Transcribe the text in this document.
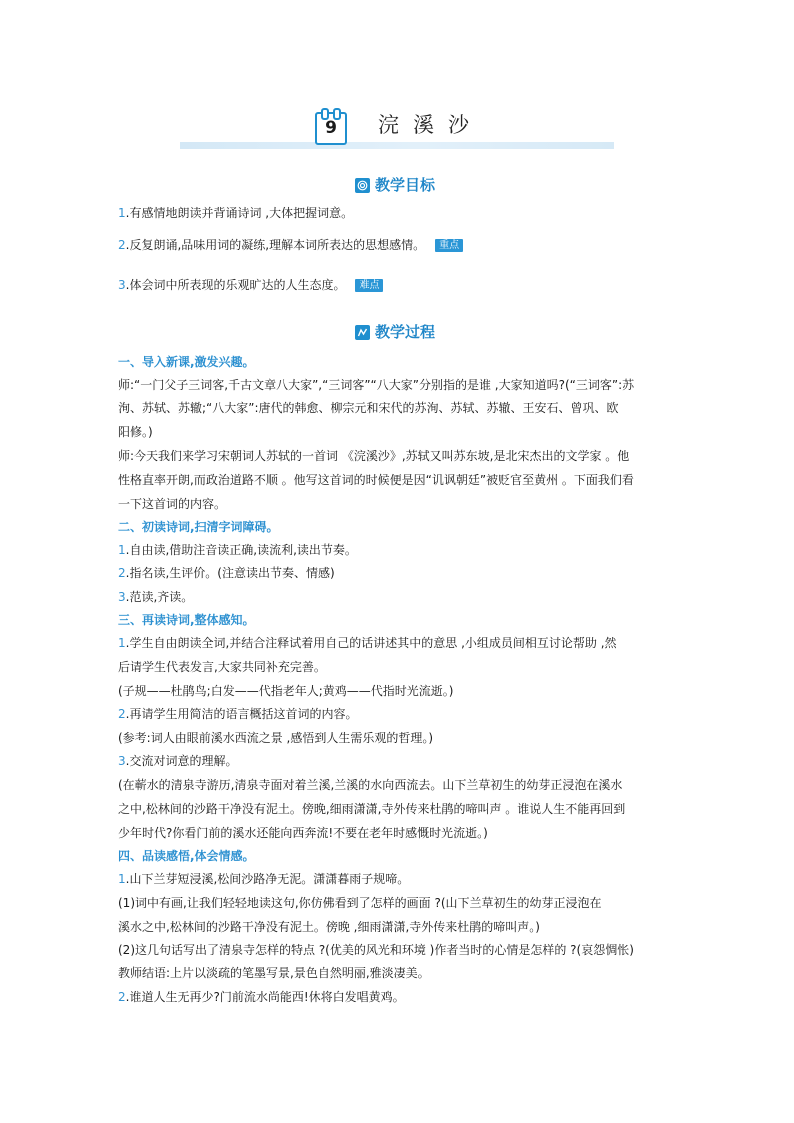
9	浣溪沙
教学目标
1.有感情地朗读并背诵诗词 ,大体把握词意。
2.反复朗诵,品味用词的凝练,理解本词所表达的思想感情。 重点
3.体会词中所表现的乐观旷达的人生态度。 难点
教学过程
一、导入新课,激发兴趣。
师:“一门父子三词客,千古文章八大家”,“三词客”“八大家”分别指的是谁 ,大家知道吗?(“三词客”:苏
洵、苏轼、苏辙;“八大家”:唐代的韩愈、柳宗元和宋代的苏洵、苏轼、苏辙、王安石、曾巩、欧
阳修。)
师:今天我们来学习宋朝词人苏轼的一首词 《浣溪沙》,苏轼又叫苏东坡,是北宋杰出的文学家 。他
性格直率开朗,而政治道路不顺 。他写这首词的时候便是因“讥讽朝廷”被贬官至黄州 。下面我们看
一下这首词的内容。
二、初读诗词,扫清字词障碍。
1.自由读,借助注音读正确,读流利,读出节奏。
2.指名读,生评价。(注意读出节奏、情感)
3.范读,齐读。
三、再读诗词,整体感知。
1.学生自由朗读全词,并结合注释试着用自己的话讲述其中的意思 ,小组成员间相互讨论帮助 ,然
后请学生代表发言,大家共同补充完善。
(子规——杜鹃鸟;白发——代指老年人;黄鸡——代指时光流逝。)
2.再请学生用简洁的语言概括这首词的内容。
(参考:词人由眼前溪水西流之景 ,感悟到人生需乐观的哲理。)
3.交流对词意的理解。
(在蕲水的清泉寺游历,清泉寺面对着兰溪,兰溪的水向西流去。山下兰草初生的幼芽正浸泡在溪水
之中,松林间的沙路干净没有泥土。傍晚,细雨潇潇,寺外传来杜鹃的啼叫声 。谁说人生不能再回到
少年时代?你看门前的溪水还能向西奔流!不要在老年时感慨时光流逝。)
四、品读感悟,体会情感。
1.山下兰芽短浸溪,松间沙路净无泥。潇潇暮雨子规啼。
(1)词中有画,让我们轻轻地读这句,你仿佛看到了怎样的画面 ?(山下兰草初生的幼芽正浸泡在
溪水之中,松林间的沙路干净没有泥土。傍晚 ,细雨潇潇,寺外传来杜鹃的啼叫声。)
(2)这几句话写出了清泉寺怎样的特点 ?(优美的风光和环境 )作者当时的心情是怎样的 ?(哀怨惆怅)
教师结语:上片以淡疏的笔墨写景,景色自然明丽,雅淡凄美。
2.谁道人生无再少?门前流水尚能西!休将白发唱黄鸡。
